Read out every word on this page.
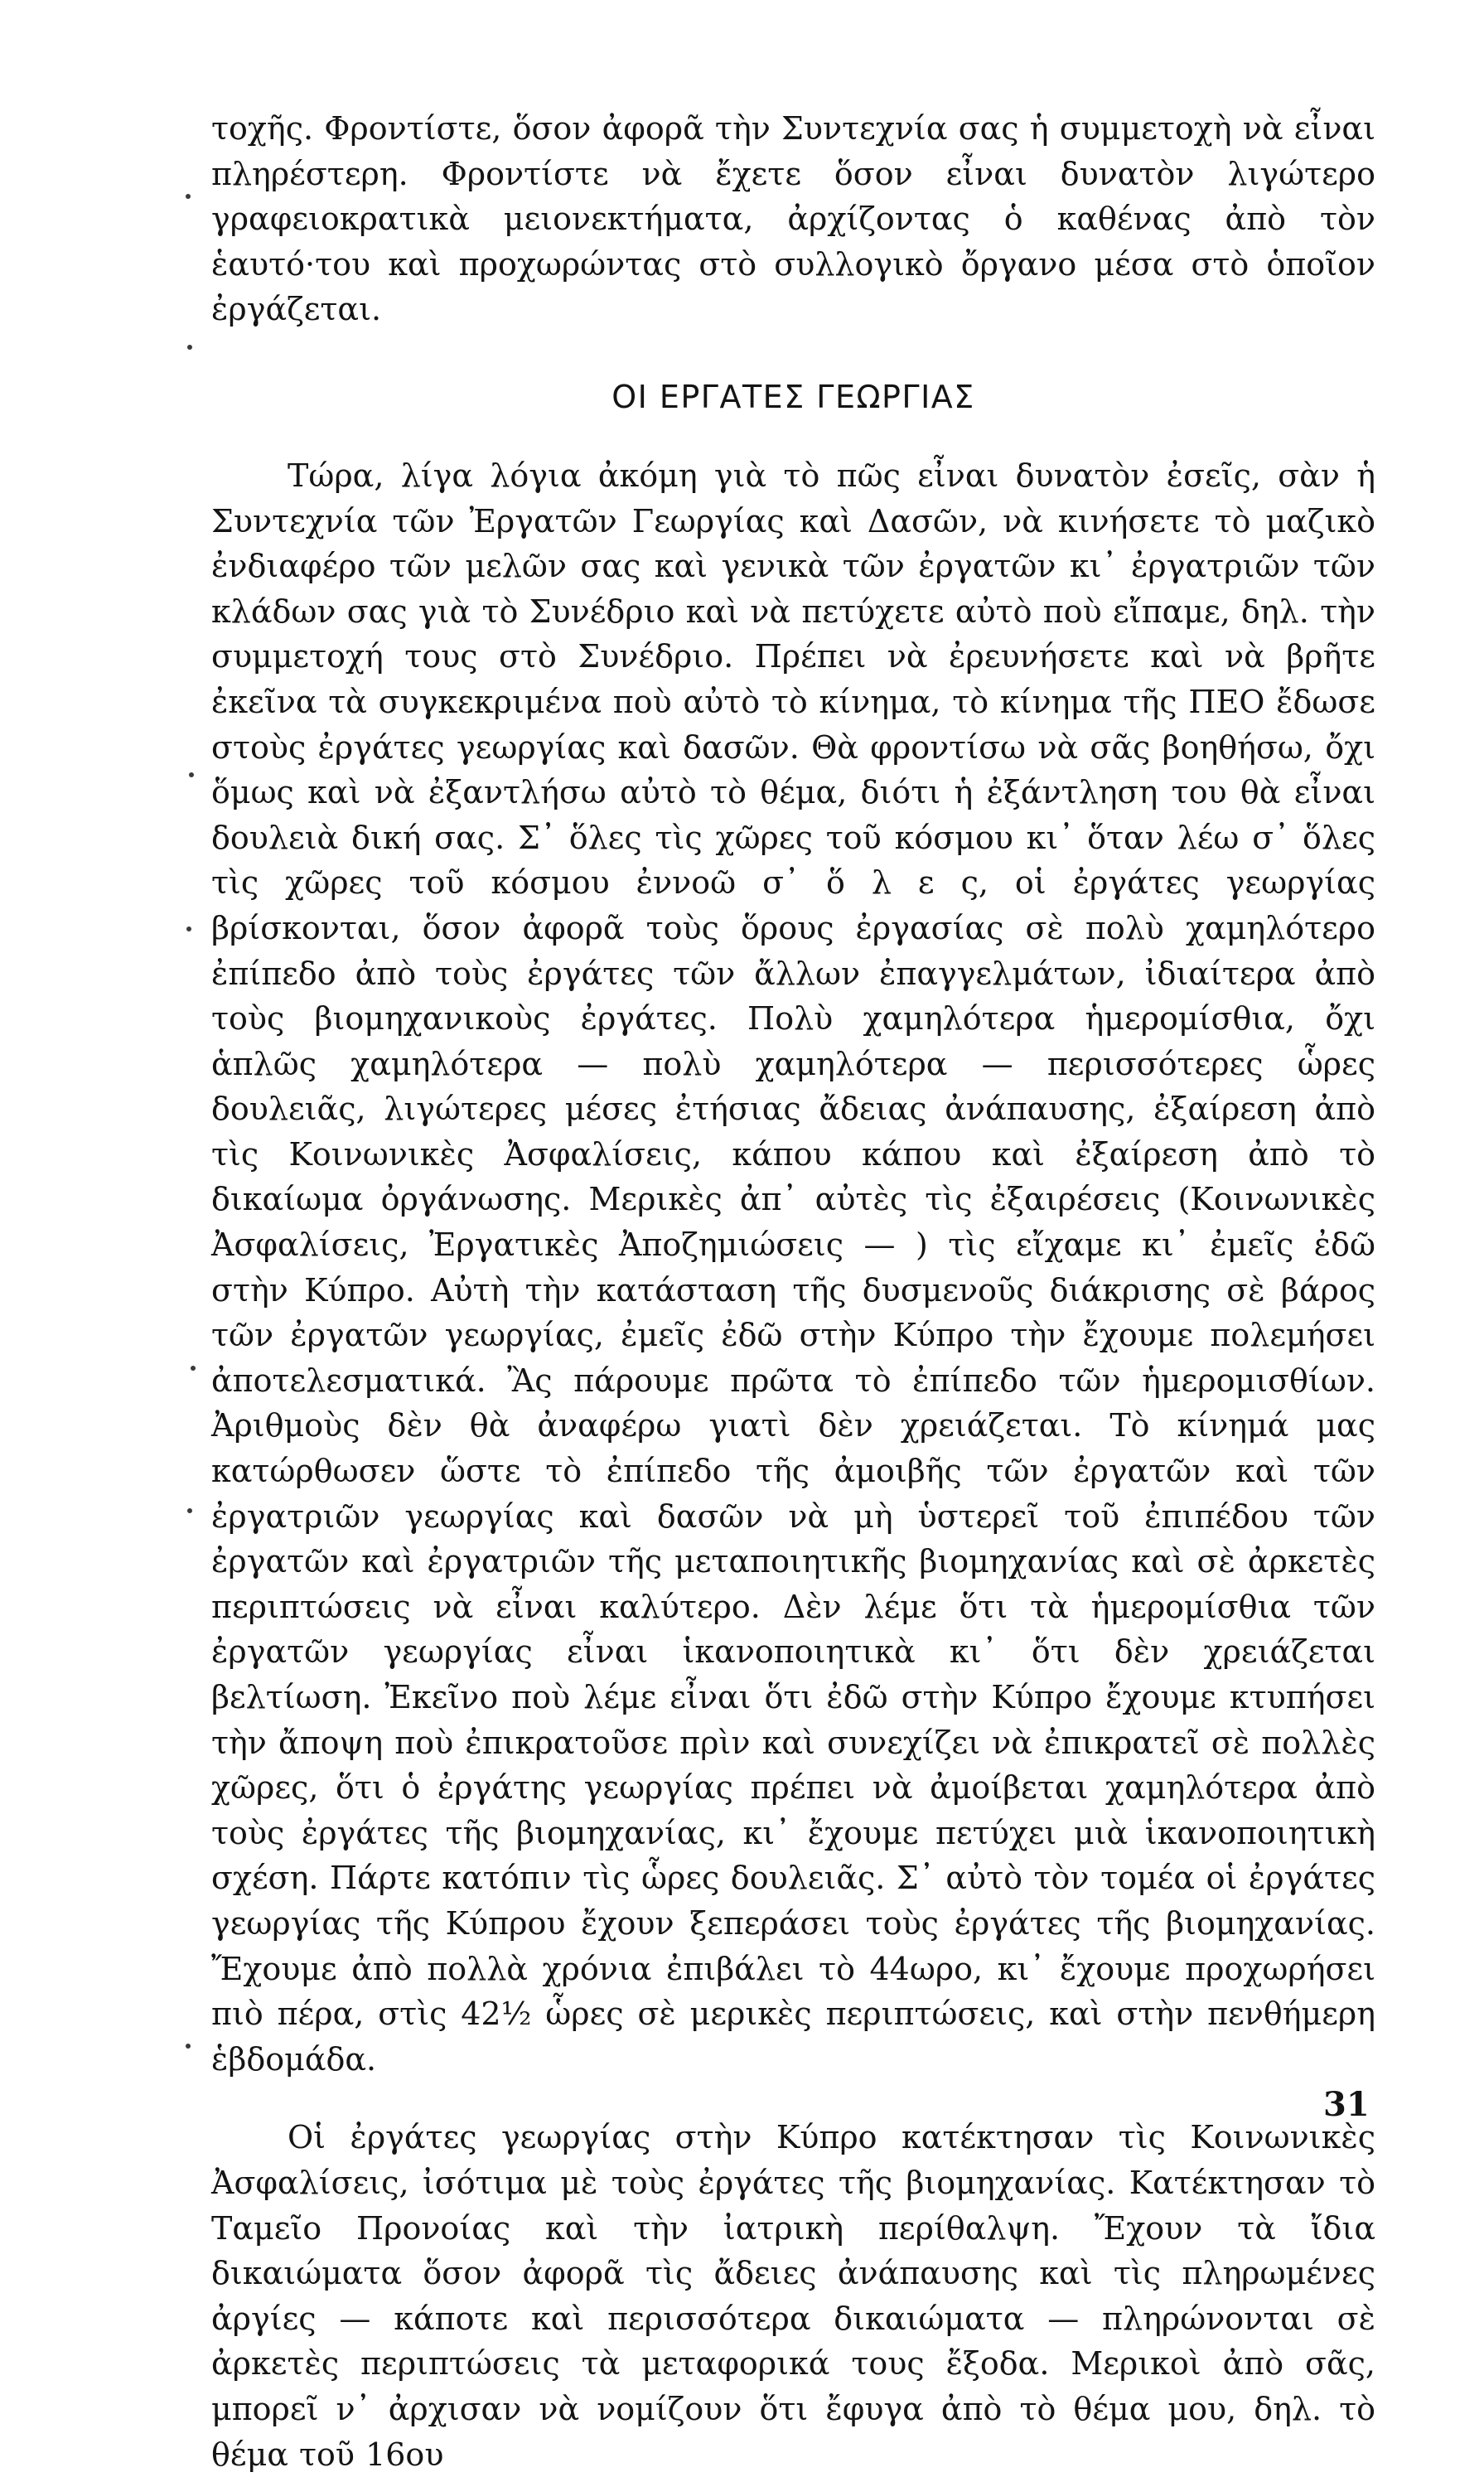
τοχῆς. Φροντίστε, ὅσον ἀφορᾶ τὴν Συντεχνία σας ἡ συμμετοχὴ νὰ εἶναι πληρέστερη. Φροντίστε νὰ ἔχετε ὅσον εἶναι δυνατὸν λιγώτερο γραφειοκρατικὰ μειονεκτήματα, ἀρχίζοντας ὁ καθένας ἀπὸ τὸν ἑαυτό·του καὶ προχωρώντας στὸ συλλογικὸ ὄργανο μέσα στὸ ὁποῖον ἐργάζεται.

ΟΙ ΕΡΓΑΤΕΣ ΓΕΩΡΓΙΑΣ

Τώρα, λίγα λόγια ἀκόμη γιὰ τὸ πῶς εἶναι δυνατὸν ἐσεῖς, σὰν ἡ Συντεχνία τῶν Ἐργατῶν Γεωργίας καὶ Δασῶν, νὰ κινήσετε τὸ μαζικὸ ἐνδιαφέρο τῶν μελῶν σας καὶ γενικὰ τῶν ἐργατῶν κι᾿ ἐργατριῶν τῶν κλάδων σας γιὰ τὸ Συνέδριο καὶ νὰ πετύχετε αὐτὸ ποὺ εἴπαμε, δηλ. τὴν συμμετοχή τους στὸ Συνέδριο. Πρέπει νὰ ἐρευνήσετε καὶ νὰ βρῆτε ἐκεῖνα τὰ συγκεκριμένα ποὺ αὐτὸ τὸ κίνημα, τὸ κίνημα τῆς ΠΕΟ ἔδωσε στοὺς ἐργάτες γεωργίας καὶ δασῶν. Θὰ φροντίσω νὰ σᾶς βοηθήσω, ὄχι ὅμως καὶ νὰ ἐξαντλήσω αὐτὸ τὸ θέμα, διότι ἡ ἐξάντληση του θὰ εἶναι δουλειὰ δική σας. Σ᾿ ὅλες τὶς χῶρες τοῦ κόσμου κι᾿ ὅταν λέω σ᾿ ὅλες τὶς χῶρες τοῦ κόσμου ἐννοῶ σ᾿ ὅ λ ε ς, οἱ ἐργάτες γεωργίας βρίσκονται, ὅσον ἀφορᾶ τοὺς ὅρους ἐργασίας σὲ πολὺ χαμηλότερο ἐπίπεδο ἀπὸ τοὺς ἐργάτες τῶν ἄλλων ἐπαγγελμάτων, ἰδιαίτερα ἀπὸ τοὺς βιομηχανικοὺς ἐργάτες. Πολὺ χαμηλότερα ἡμερομίσθια, ὄχι ἁπλῶς χαμηλότερα — πολὺ χαμηλότερα — περισσότερες ὧρες δουλειᾶς, λιγώτερες μέσες ἐτήσιας ἄδειας ἀνάπαυσης, ἐξαίρεση ἀπὸ τὶς Κοινωνικὲς Ἀσφαλίσεις, κάπου κάπου καὶ ἐξαίρεση ἀπὸ τὸ δικαίωμα ὀργάνωσης. Μερικὲς ἀπ᾿ αὐτὲς τὶς ἐξαιρέσεις (Κοινωνικὲς Ἀσφαλίσεις, Ἐργατικὲς Ἀποζημιώσεις — ) τὶς εἴχαμε κι᾿ ἐμεῖς ἐδῶ στὴν Κύπρο. Αὐτὴ τὴν κατάσταση τῆς δυσμενοῦς διάκρισης σὲ βάρος τῶν ἐργατῶν γεωργίας, ἐμεῖς ἐδῶ στὴν Κύπρο τὴν ἔχουμε πολεμήσει ἀποτελεσματικά. Ἂς πάρουμε πρῶτα τὸ ἐπίπεδο τῶν ἡμερομισθίων. Ἀριθμοὺς δὲν θὰ ἀναφέρω γιατὶ δὲν χρειάζεται. Τὸ κίνημά μας κατώρθωσεν ὥστε τὸ ἐπίπεδο τῆς ἀμοιβῆς τῶν ἐργατῶν καὶ τῶν ἐργατριῶν γεωργίας καὶ δασῶν νὰ μὴ ὑστερεῖ τοῦ ἐπιπέδου τῶν ἐργατῶν καὶ ἐργατριῶν τῆς μεταποιητικῆς βιομηχανίας καὶ σὲ ἀρκετὲς περιπτώσεις νὰ εἶναι καλύτερο. Δὲν λέμε ὅτι τὰ ἡμερομίσθια τῶν ἐργατῶν γεωργίας εἶναι ἱκανοποιητικὰ κι᾿ ὅτι δὲν χρειάζεται βελτίωση. Ἐκεῖνο ποὺ λέμε εἶναι ὅτι ἐδῶ στὴν Κύπρο ἔχουμε κτυπήσει τὴν ἄποψη ποὺ ἐπικρατοῦσε πρὶν καὶ συνεχίζει νὰ ἐπικρατεῖ σὲ πολλὲς χῶρες, ὅτι ὁ ἐργάτης γεωργίας πρέπει νὰ ἀμοίβεται χαμηλότερα ἀπὸ τοὺς ἐργάτες τῆς βιομηχανίας, κι᾿ ἔχουμε πετύχει μιὰ ἱκανοποιητικὴ σχέση. Πάρτε κατόπιν τὶς ὧρες δουλειᾶς. Σ᾿ αὐτὸ τὸν τομέα οἱ ἐργάτες γεωργίας τῆς Κύπρου ἔχουν ξεπεράσει τοὺς ἐργάτες τῆς βιομηχανίας. Ἔχουμε ἀπὸ πολλὰ χρόνια ἐπιβάλει τὸ 44ωρο, κι᾿ ἔχουμε προχωρήσει πιὸ πέρα, στὶς 42½ ὧρες σὲ μερικὲς περιπτώσεις, καὶ στὴν πενθήμερη ἑβδομάδα.

Οἱ ἐργάτες γεωργίας στὴν Κύπρο κατέκτησαν τὶς Κοινωνικὲς Ἀσφαλίσεις, ἰσότιμα μὲ τοὺς ἐργάτες τῆς βιομηχανίας. Κατέκτησαν τὸ Ταμεῖο Προνοίας καὶ τὴν ἰατρικὴ περίθαλψη. Ἔχουν τὰ ἴδια δικαιώματα ὅσον ἀφορᾶ τὶς ἄδειες ἀνάπαυσης καὶ τὶς πληρωμένες ἀργίες — κάποτε καὶ περισσότερα δικαιώματα — πληρώνονται σὲ ἀρκετὲς περιπτώσεις τὰ μεταφορικά τους ἔξοδα. Μερικοὶ ἀπὸ σᾶς, μπορεῖ ν᾿ ἀρχισαν νὰ νομίζουν ὅτι ἔφυγα ἀπὸ τὸ θέμα μου, δηλ. τὸ θέμα τοῦ 16ου

31
